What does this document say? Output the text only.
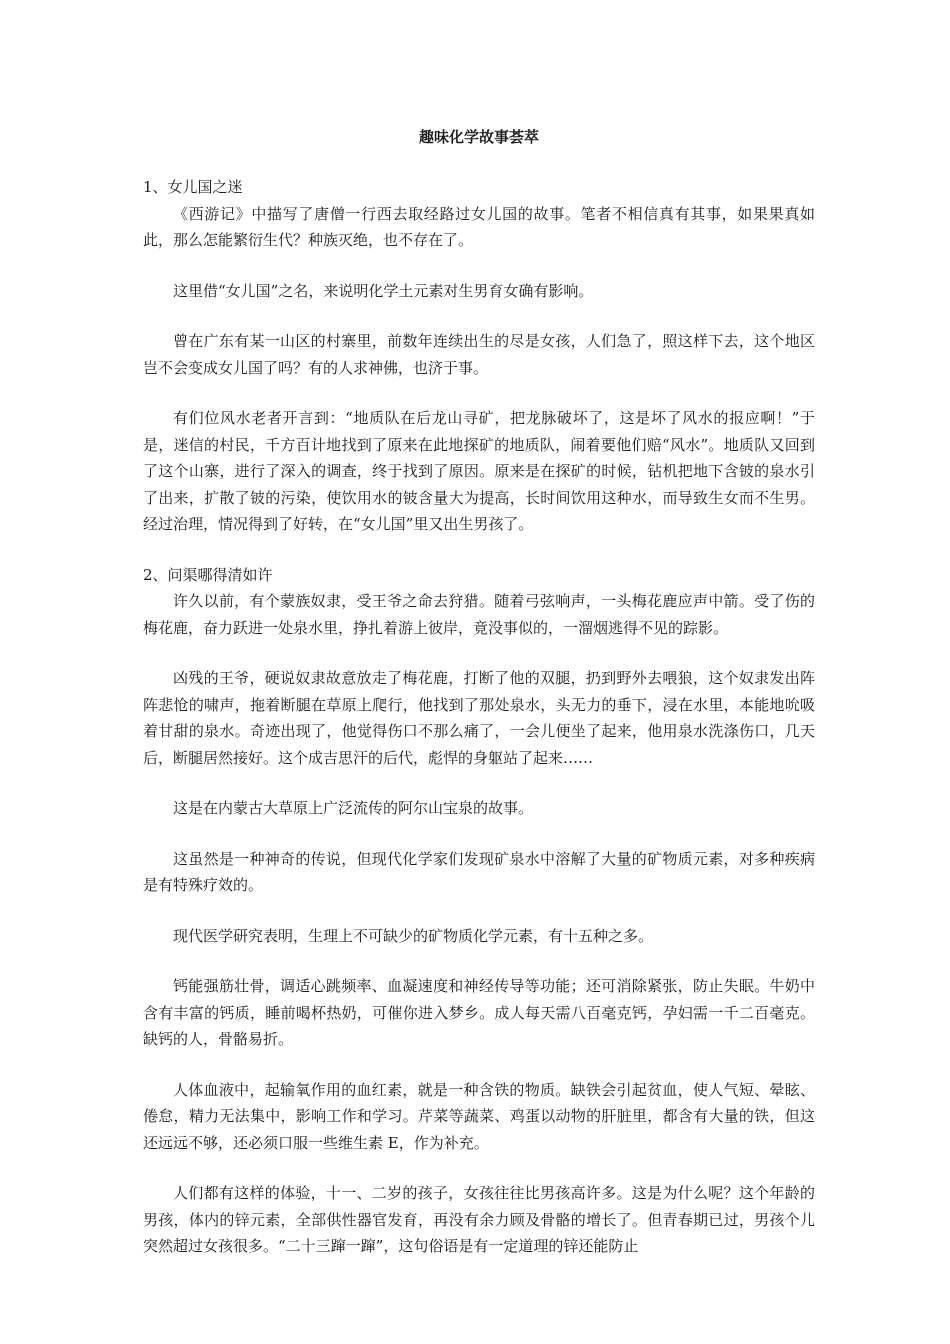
趣味化学故事荟萃

1、女儿国之迷

《西游记》中描写了唐僧一行西去取经路过女儿国的故事。笔者不相信真有其事，如果果真如此，那么怎能繁衍生代？种族灭绝，也不存在了。

这里借“女儿国”之名，来说明化学土元素对生男育女确有影响。

曾在广东有某一山区的村寨里，前数年连续出生的尽是女孩，人们急了，照这样下去，这个地区岂不会变成女儿国了吗？有的人求神佛，也济于事。

有们位风水老者开言到：“地质队在后龙山寻矿，把龙脉破坏了，这是坏了风水的报应啊！”于是，迷信的村民，千方百计地找到了原来在此地探矿的地质队，闹着要他们赔“风水”。地质队又回到了这个山寨，进行了深入的调查，终于找到了原因。原来是在探矿的时候，钻机把地下含铍的泉水引了出来，扩散了铍的污染，使饮用水的铍含量大为提高，长时间饮用这种水，而导致生女而不生男。经过治理，情况得到了好转，在“女儿国”里又出生男孩了。

2、问渠哪得清如许

许久以前，有个蒙族奴隶，受王爷之命去狩猎。随着弓弦响声，一头梅花鹿应声中箭。受了伤的梅花鹿，奋力跃进一处泉水里，挣扎着游上彼岸，竟没事似的，一溜烟逃得不见的踪影。

凶残的王爷，硬说奴隶故意放走了梅花鹿，打断了他的双腿，扔到野外去喂狼，这个奴隶发出阵阵悲怆的啸声，拖着断腿在草原上爬行，他找到了那处泉水，头无力的垂下，浸在水里，本能地吮吸着甘甜的泉水。奇迹出现了，他觉得伤口不那么痛了，一会儿便坐了起来，他用泉水洗涤伤口，几天后，断腿居然接好。这个成吉思汗的后代，彪悍的身躯站了起来……

这是在内蒙古大草原上广泛流传的阿尔山宝泉的故事。

这虽然是一种神奇的传说，但现代化学家们发现矿泉水中溶解了大量的矿物质元素，对多种疾病是有特殊疗效的。

现代医学研究表明，生理上不可缺少的矿物质化学元素，有十五种之多。

钙能强筋壮骨，调适心跳频率、血凝速度和神经传导等功能；还可消除紧张，防止失眠。牛奶中含有丰富的钙质，睡前喝杯热奶，可催你进入梦乡。成人每天需八百毫克钙，孕妇需一千二百毫克。缺钙的人，骨骼易折。

人体血液中，起输氧作用的血红素，就是一种含铁的物质。缺铁会引起贫血，使人气短、晕眩、倦怠，精力无法集中，影响工作和学习。芹菜等蔬菜、鸡蛋以动物的肝脏里，都含有大量的铁，但这还远远不够，还必须口服一些维生素 E，作为补充。

人们都有这样的体验，十一、二岁的孩子，女孩往往比男孩高许多。这是为什么呢？这个年龄的男孩，体内的锌元素，全部供性器官发育，再没有余力顾及骨骼的增长了。但青春期已过，男孩个儿突然超过女孩很多。“二十三蹿一蹿”，这句俗语是有一定道理的锌还能防止
